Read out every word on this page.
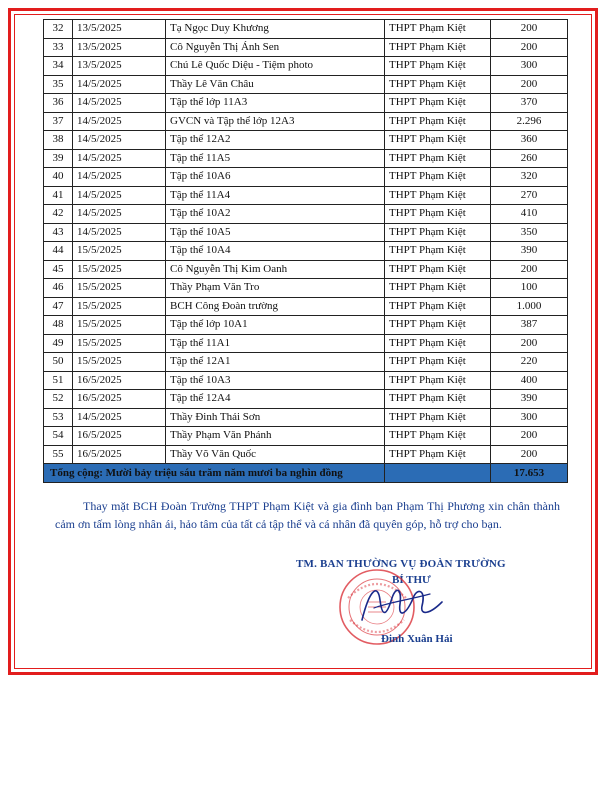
32	13/5/2025	Tạ Ngọc Duy Khương	THPT Phạm Kiệt	200
33	13/5/2025	Cô Nguyễn Thị Ánh Sen	THPT Phạm Kiệt	200
34	13/5/2025	Chú Lê Quốc Diệu - Tiệm photo	THPT Phạm Kiệt	300
35	14/5/2025	Thầy Lê Văn Châu	THPT Phạm Kiệt	200
36	14/5/2025	Tập thể lớp 11A3	THPT Phạm Kiệt	370
37	14/5/2025	GVCN và Tập thể lớp 12A3	THPT Phạm Kiệt	2.296
38	14/5/2025	Tập thể 12A2	THPT Phạm Kiệt	360
39	14/5/2025	Tập thể 11A5	THPT Phạm Kiệt	260
40	14/5/2025	Tập thể 10A6	THPT Phạm Kiệt	320
41	14/5/2025	Tập thể 11A4	THPT Phạm Kiệt	270
42	14/5/2025	Tập thể 10A2	THPT Phạm Kiệt	410
43	14/5/2025	Tập thể 10A5	THPT Phạm Kiệt	350
44	15/5/2025	Tập thể 10A4	THPT Phạm Kiệt	390
45	15/5/2025	Cô Nguyễn Thị Kim Oanh	THPT Phạm Kiệt	200
46	15/5/2025	Thầy Phạm Văn Tro	THPT Phạm Kiệt	100
47	15/5/2025	BCH Công Đoàn trường	THPT Phạm Kiệt	1.000
48	15/5/2025	Tập thể lớp 10A1	THPT Phạm Kiệt	387
49	15/5/2025	Tập thể 11A1	THPT Phạm Kiệt	200
50	15/5/2025	Tập thể 12A1	THPT Phạm Kiệt	220
51	16/5/2025	Tập thể 10A3	THPT Phạm Kiệt	400
52	16/5/2025	Tập thể 12A4	THPT Phạm Kiệt	390
53	14/5/2025	Thầy Đinh Thái Sơn	THPT Phạm Kiệt	300
54	16/5/2025	Thầy Phạm Văn Phánh	THPT Phạm Kiệt	200
55	16/5/2025	Thầy Võ Văn Quốc	THPT Phạm Kiệt	200
Tổng cộng: Mười bảy triệu sáu trăm năm mươi ba nghìn đồng				17.653

Thay mặt BCH Đoàn Trường THPT Phạm Kiệt và gia đình bạn Phạm Thị Phương xin chân thành cảm ơn tấm lòng nhân ái, hảo tâm của tất cả tập thể và cá nhân đã quyên góp, hỗ trợ cho bạn.

TM. BAN THƯỜNG VỤ ĐOÀN TRƯỜNG
BÍ THƯ
Đinh Xuân Hải
